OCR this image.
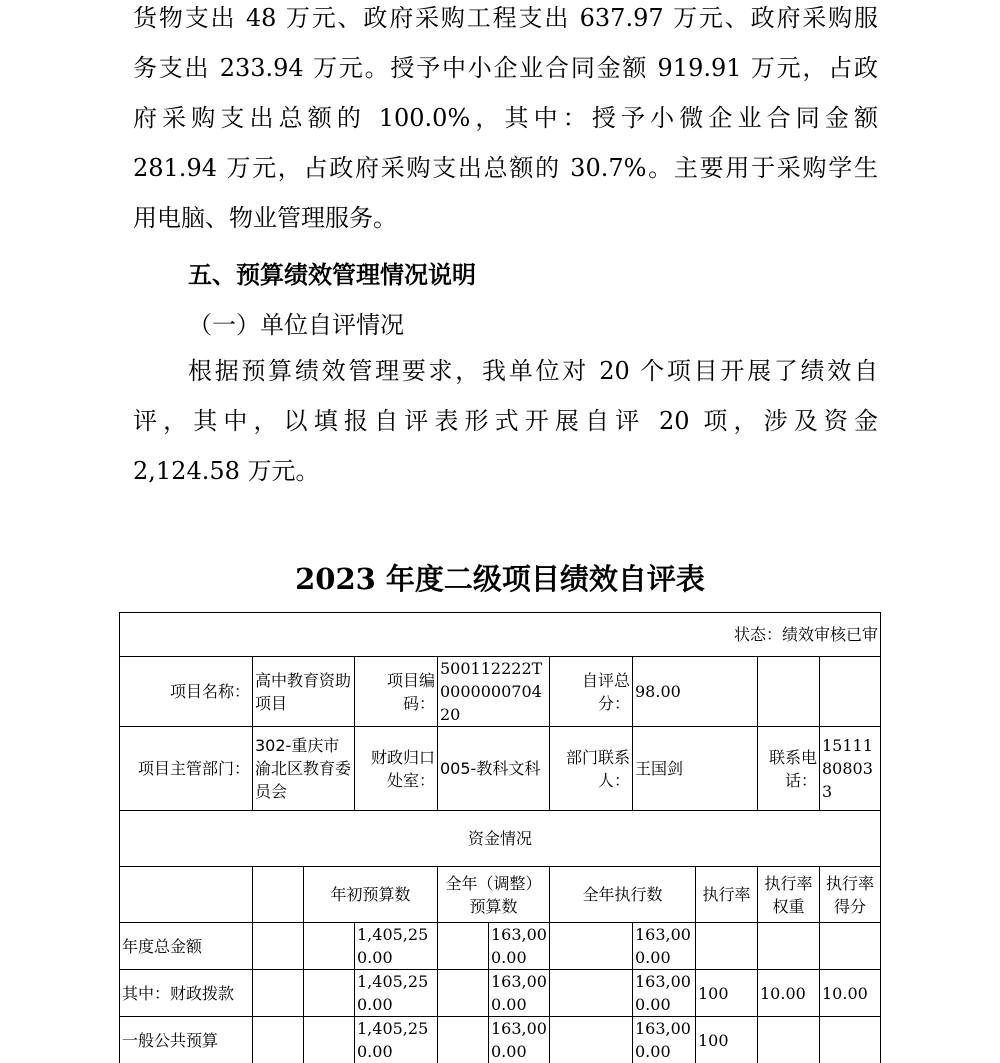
货物支出 48 万元、政府采购工程支出 637.97 万元、政府采购服
务支出 233.94 万元。授予中小企业合同金额 919.91 万元，占政
府采购支出总额的 100.0%，其中：授予小微企业合同金额
281.94 万元，占政府采购支出总额的 30.7%。主要用于采购学生
用电脑、物业管理服务。
五、预算绩效管理情况说明
（一）单位自评情况
根据预算绩效管理要求，我单位对 20 个项目开展了绩效自
评，其中，以填报自评表形式开展自评 20 项，涉及资金
2,124.58 万元。
2023 年度二级项目绩效自评表
状态：绩效审核已审										
项目名称：	高中教育资助项目		项目编码：	500112222T000000070420		自评总分：	98.00			
项目主管部门：	302-重庆市渝北区教育委员会		财政归口处室：	005-教科文科		部门联系人：	王国剑		联系电话：	15111808033
资金情况										
		年初预算数		全年（调整）预算数		全年执行数		执行率	执行率权重	执行率得分
年度总金额			1,405,250.00		163,000.00		163,000.00			
其中：财政拨款			1,405,250.00		163,000.00		163,000.00	100	10.00	10.00
一般公共预算			1,405,250.00		163,000.00		163,000.00	100		
